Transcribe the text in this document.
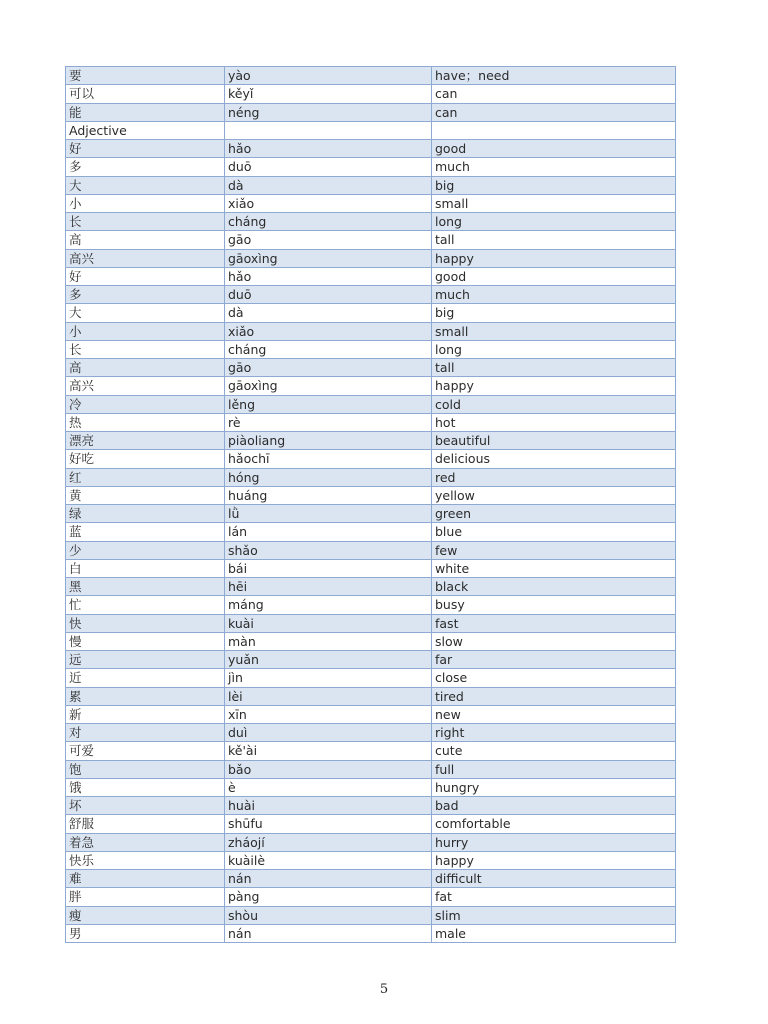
要	yào	have；need
可以	kěyǐ	can
能	néng	can
Adjective		
好	hǎo	good
多	duō	much
大	dà	big
小	xiǎo	small
长	cháng	long
高	gāo	tall
高兴	gāoxìng	happy
好	hǎo	good
多	duō	much
大	dà	big
小	xiǎo	small
长	cháng	long
高	gāo	tall
高兴	gāoxìng	happy
冷	lěng	cold
热	rè	hot
漂亮	piàoliang	beautiful
好吃	hǎochī	delicious
红	hóng	red
黄	huáng	yellow
绿	lǜ	green
蓝	lán	blue
少	shǎo	few
白	bái	white
黑	hēi	black
忙	máng	busy
快	kuài	fast
慢	màn	slow
远	yuǎn	far
近	jìn	close
累	lèi	tired
新	xīn	new
对	duì	right
可爱	kě'ài	cute
饱	bǎo	full
饿	è	hungry
坏	huài	bad
舒服	shūfu	comfortable
着急	zháojí	hurry
快乐	kuàilè	happy
难	nán	difficult
胖	pàng	fat
瘦	shòu	slim
男	nán	male
5
